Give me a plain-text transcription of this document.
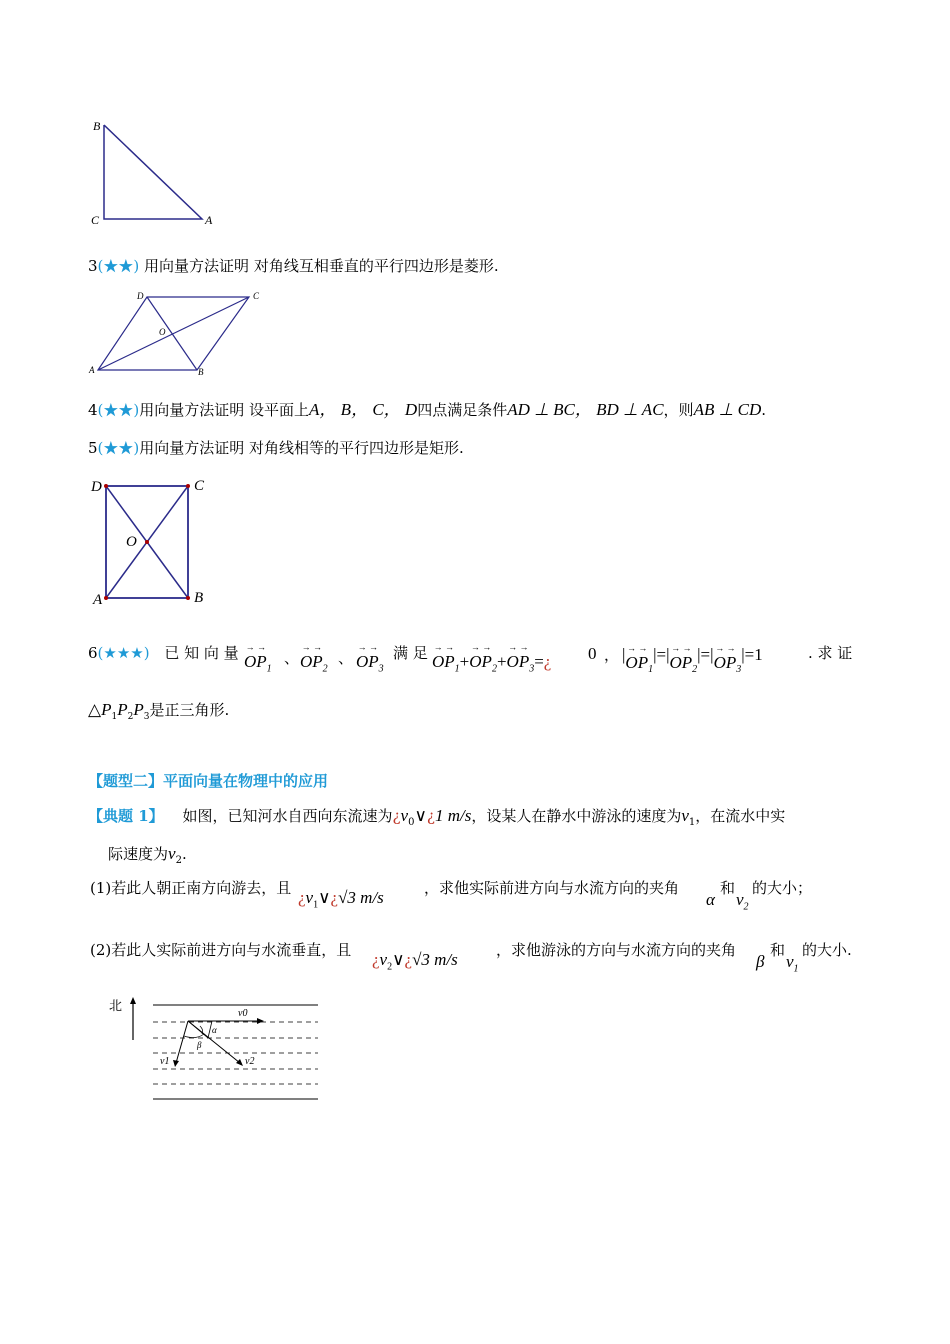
B
C	A
3(★★) 用向量方法证明 对角线互相垂直的平行四边形是菱形.
D	C
O
A	B
4(★★)用向量方法证明 设平面上A， B， C， D四点满足条件AD ⊥ BC， BD ⊥ AC，则AB ⊥ CD.
5(★★)用向量方法证明 对角线相等的平行四边形是矩形.
D	C
O
A	B
6(★★★) 已 知 向 量 → $O\to P_1$
、 → $O\to P_2$
、 → $O\to P_3$
满 足 → $O\to P_1+\to O\to P_2+\to O\to$ $P_3=¿$ 0 ， |→ $O\to P_1|=|\to O\to P_2|=|\to O\to P_3|=1$	. 求 证
$\triangle P_1P_2P_3$是正三角形.
【题型二】平面向量在物理中的应用
【典题 1】 如图，已知河水自西向东流速为¿$v_0\vee¿1$ m/s，设某人在静水中游泳的速度为$v_1$，在流水中实
际速度为$v_2$.
(1)若此人朝正南方向游去，且 ¿$v_1\vee¿√3$ m/s	，求他实际前进方向与水流方向的夹角
α
和
$v_2$
的大小；
(2)若此人实际前进方向与水流垂直，且 ¿$v_2\vee¿√3$ m/s	，求他游泳的方向与水流方向的夹角
β
和
$v_1$
的大小.
北	v0
α
β
v1	v2
